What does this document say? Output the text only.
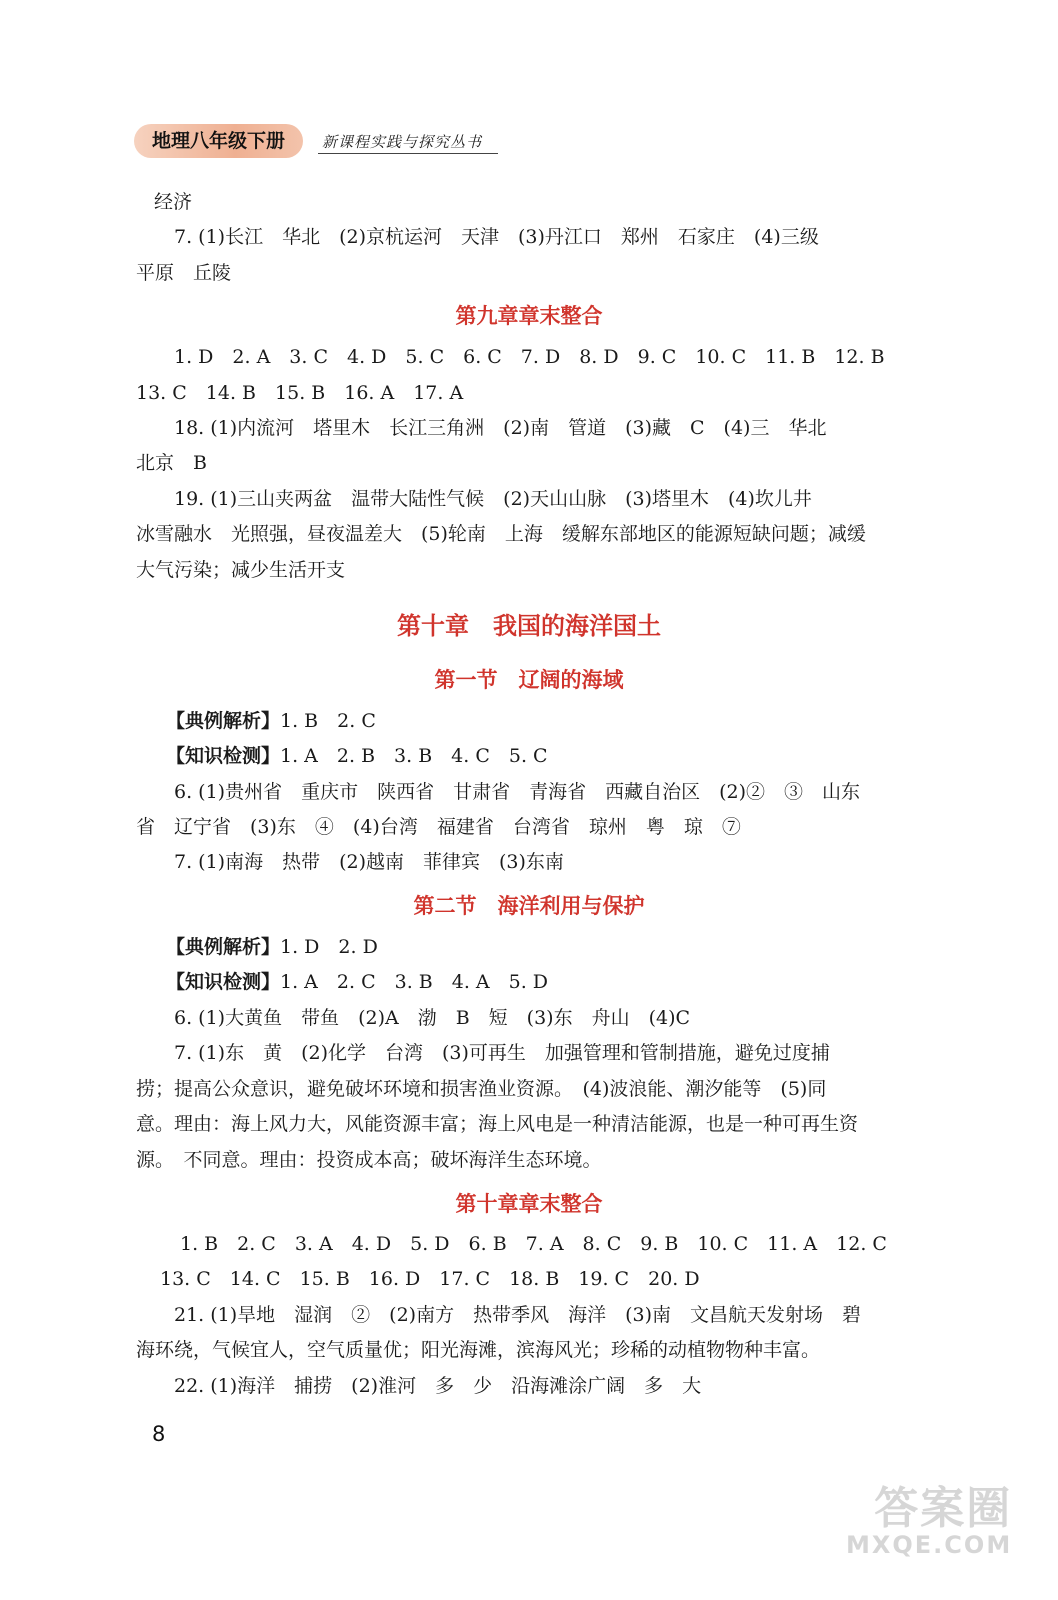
地理八年级下册	新课程实践与探究丛书
经济
7. (1)长江　华北　(2)京杭运河　天津　(3)丹江口　郑州　石家庄　(4)三级
平原　丘陵
第九章章末整合
1. D　2. A　3. C　4. D　5. C　6. C　7. D　8. D　9. C　10. C　11. B　12. B
13. C　14. B　15. B　16. A　17. A
18. (1)内流河　塔里木　长江三角洲　(2)南　管道　(3)藏　C　(4)三　华北
北京　B
19. (1)三山夹两盆　温带大陆性气候　(2)天山山脉　(3)塔里木　(4)坎儿井
冰雪融水　光照强，昼夜温差大　(5)轮南　上海　缓解东部地区的能源短缺问题；减缓
大气污染；减少生活开支
第十章　我国的海洋国土
第一节　辽阔的海域
【典例解析】1. B　2. C
【知识检测】1. A　2. B　3. B　4. C　5. C
6. (1)贵州省　重庆市　陕西省　甘肃省　青海省　西藏自治区　(2)②　③　山东
省　辽宁省　(3)东　④　(4)台湾　福建省　台湾省　琼州　粤　琼　⑦
7. (1)南海　热带　(2)越南　菲律宾　(3)东南
第二节　海洋利用与保护
【典例解析】1. D　2. D
【知识检测】1. A　2. C　3. B　4. A　5. D
6. (1)大黄鱼　带鱼　(2)A　渤　B　短　(3)东　舟山　(4)C
7. (1)东　黄　(2)化学　台湾　(3)可再生　加强管理和管制措施，避免过度捕
捞；提高公众意识，避免破坏环境和损害渔业资源。　(4)波浪能、潮汐能等　(5)同
意。理由：海上风力大，风能资源丰富；海上风电是一种清洁能源，也是一种可再生资
源。　不同意。理由：投资成本高；破坏海洋生态环境。
第十章章末整合
1. B　2. C　3. A　4. D　5. D　6. B　7. A　8. C　9. B　10. C　11. A　12. C
13. C　14. C　15. B　16. D　17. C　18. B　19. C　20. D
21. (1)旱地　湿润　②　(2)南方　热带季风　海洋　(3)南　文昌航天发射场　碧
海环绕，气候宜人，空气质量优；阳光海滩，滨海风光；珍稀的动植物物种丰富。
22. (1)海洋　捕捞　(2)淮河　多　少　沿海滩涂广阔　多　大
8
答案圈
MXQE.COM
